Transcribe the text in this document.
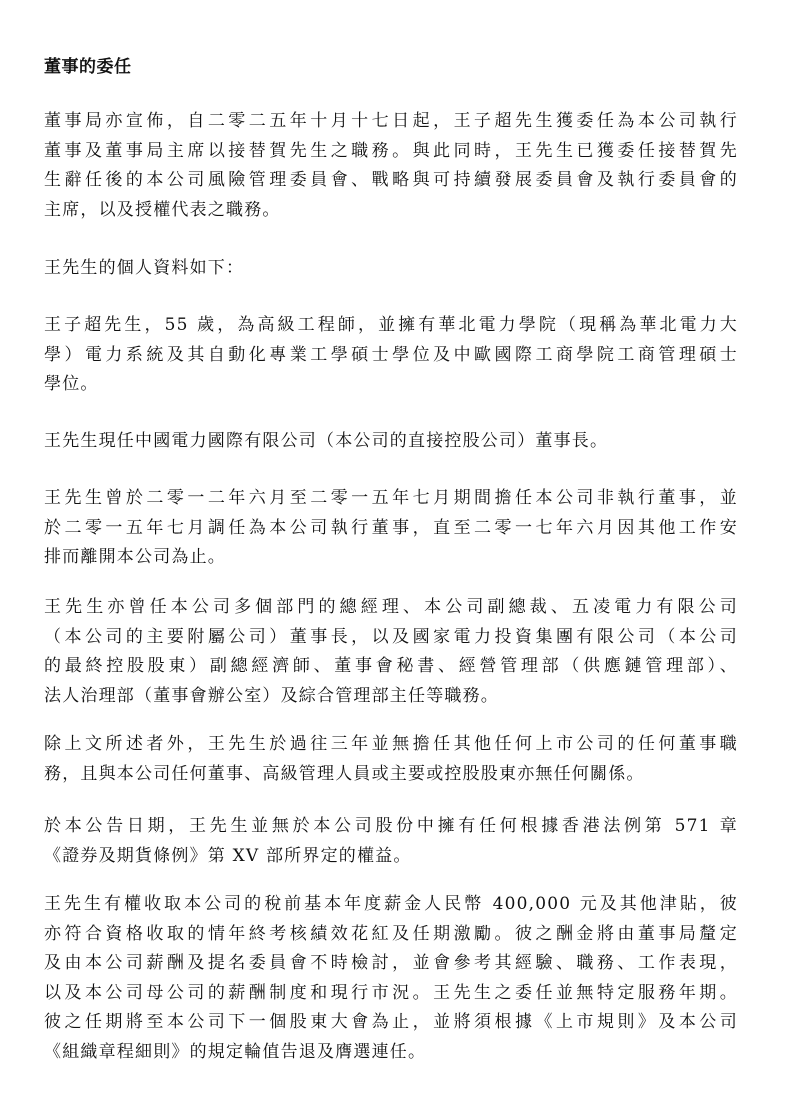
董事的委任

董事局亦宣佈，自二零二五年十月十七日起，王子超先生獲委任為本公司執行
董事及董事局主席以接替賀先生之職務。與此同時，王先生已獲委任接替賀先
生辭任後的本公司風險管理委員會、戰略與可持續發展委員會及執行委員會的
主席，以及授權代表之職務。

王先生的個人資料如下：

王子超先生，55 歲，為高級工程師，並擁有華北電力學院（現稱為華北電力大
學）電力系統及其自動化專業工學碩士學位及中歐國際工商學院工商管理碩士
學位。

王先生現任中國電力國際有限公司（本公司的直接控股公司）董事長。

王先生曾於二零一二年六月至二零一五年七月期間擔任本公司非執行董事，並
於二零一五年七月調任為本公司執行董事，直至二零一七年六月因其他工作安
排而離開本公司為止。

王先生亦曾任本公司多個部門的總經理、本公司副總裁、五凌電力有限公司
（本公司的主要附屬公司）董事長，以及國家電力投資集團有限公司（本公司
的最終控股股東）副總經濟師、董事會秘書、經營管理部（供應鏈管理部）、
法人治理部（董事會辦公室）及綜合管理部主任等職務。

除上文所述者外，王先生於過往三年並無擔任其他任何上市公司的任何董事職
務，且與本公司任何董事、高級管理人員或主要或控股股東亦無任何關係。

於本公告日期，王先生並無於本公司股份中擁有任何根據香港法例第 571 章
《證券及期貨條例》第 XV 部所界定的權益。

王先生有權收取本公司的稅前基本年度薪金人民幣 400,000 元及其他津貼，彼
亦符合資格收取的情年終考核績效花紅及任期激勵。彼之酬金將由董事局釐定
及由本公司薪酬及提名委員會不時檢討，並會參考其經驗、職務、工作表現，
以及本公司母公司的薪酬制度和現行市況。王先生之委任並無特定服務年期。
彼之任期將至本公司下一個股東大會為止，並將須根據《上市規則》及本公司
《組織章程細則》的規定輪值告退及膺選連任。
